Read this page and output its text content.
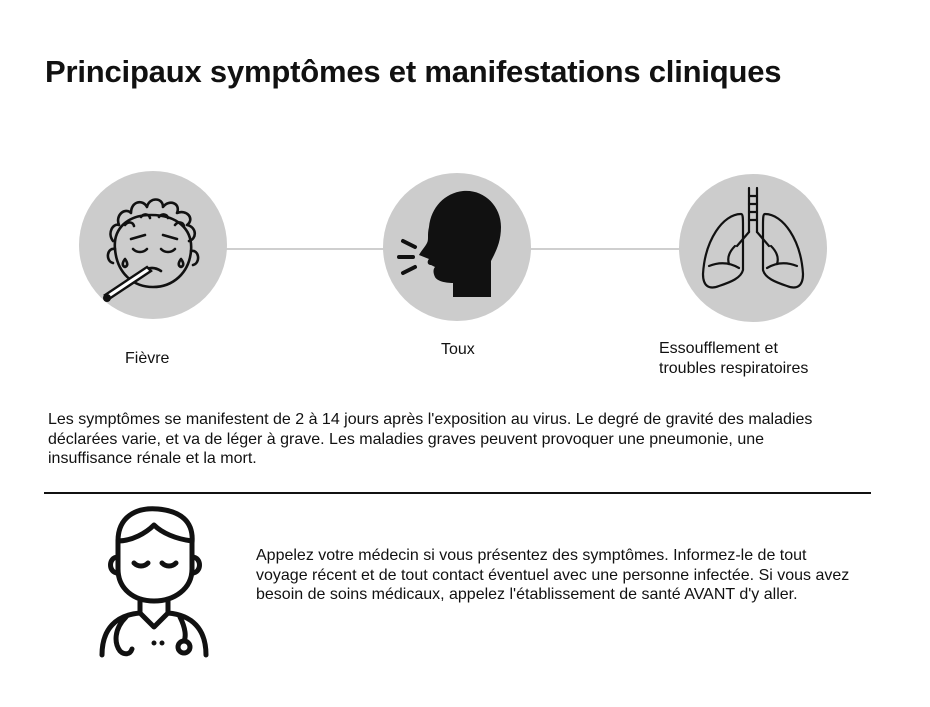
Principaux symptômes et manifestations cliniques
Fièvre
Toux	Essoufflement et
troubles respiratoires
Les symptômes se manifestent de 2 à 14 jours après l'exposition au virus. Le degré de gravité des maladies déclarées varie, et va de léger à grave. Les maladies graves peuvent provoquer une pneumonie, une insuffisance rénale et la mort.
Appelez votre médecin si vous présentez des symptômes. Informez-le de tout voyage récent et de tout contact éventuel avec une personne infectée. Si vous avez besoin de soins médicaux, appelez l'établissement de santé AVANT d'y aller.
